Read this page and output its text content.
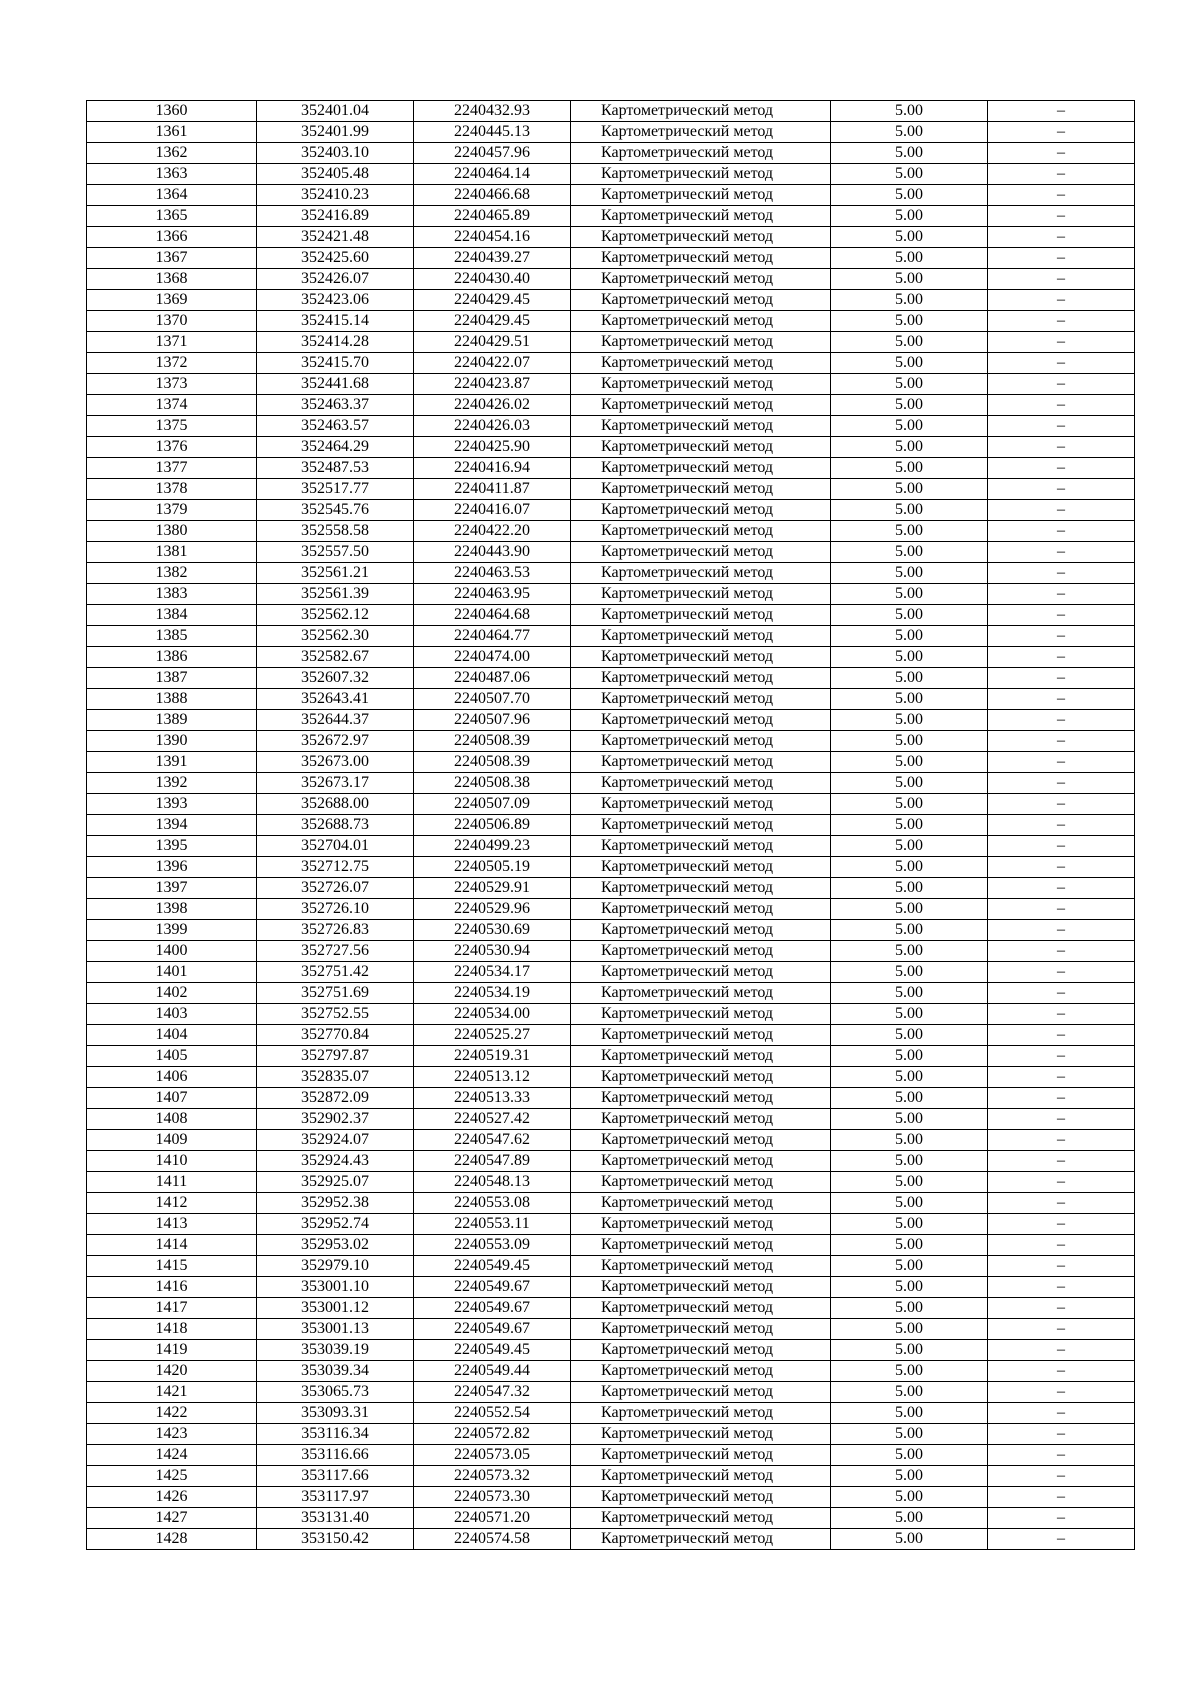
1360	352401.04	2240432.93	Картометрический метод	5.00	–
1361	352401.99	2240445.13	Картометрический метод	5.00	–
1362	352403.10	2240457.96	Картометрический метод	5.00	–
1363	352405.48	2240464.14	Картометрический метод	5.00	–
1364	352410.23	2240466.68	Картометрический метод	5.00	–
1365	352416.89	2240465.89	Картометрический метод	5.00	–
1366	352421.48	2240454.16	Картометрический метод	5.00	–
1367	352425.60	2240439.27	Картометрический метод	5.00	–
1368	352426.07	2240430.40	Картометрический метод	5.00	–
1369	352423.06	2240429.45	Картометрический метод	5.00	–
1370	352415.14	2240429.45	Картометрический метод	5.00	–
1371	352414.28	2240429.51	Картометрический метод	5.00	–
1372	352415.70	2240422.07	Картометрический метод	5.00	–
1373	352441.68	2240423.87	Картометрический метод	5.00	–
1374	352463.37	2240426.02	Картометрический метод	5.00	–
1375	352463.57	2240426.03	Картометрический метод	5.00	–
1376	352464.29	2240425.90	Картометрический метод	5.00	–
1377	352487.53	2240416.94	Картометрический метод	5.00	–
1378	352517.77	2240411.87	Картометрический метод	5.00	–
1379	352545.76	2240416.07	Картометрический метод	5.00	–
1380	352558.58	2240422.20	Картометрический метод	5.00	–
1381	352557.50	2240443.90	Картометрический метод	5.00	–
1382	352561.21	2240463.53	Картометрический метод	5.00	–
1383	352561.39	2240463.95	Картометрический метод	5.00	–
1384	352562.12	2240464.68	Картометрический метод	5.00	–
1385	352562.30	2240464.77	Картометрический метод	5.00	–
1386	352582.67	2240474.00	Картометрический метод	5.00	–
1387	352607.32	2240487.06	Картометрический метод	5.00	–
1388	352643.41	2240507.70	Картометрический метод	5.00	–
1389	352644.37	2240507.96	Картометрический метод	5.00	–
1390	352672.97	2240508.39	Картометрический метод	5.00	–
1391	352673.00	2240508.39	Картометрический метод	5.00	–
1392	352673.17	2240508.38	Картометрический метод	5.00	–
1393	352688.00	2240507.09	Картометрический метод	5.00	–
1394	352688.73	2240506.89	Картометрический метод	5.00	–
1395	352704.01	2240499.23	Картометрический метод	5.00	–
1396	352712.75	2240505.19	Картометрический метод	5.00	–
1397	352726.07	2240529.91	Картометрический метод	5.00	–
1398	352726.10	2240529.96	Картометрический метод	5.00	–
1399	352726.83	2240530.69	Картометрический метод	5.00	–
1400	352727.56	2240530.94	Картометрический метод	5.00	–
1401	352751.42	2240534.17	Картометрический метод	5.00	–
1402	352751.69	2240534.19	Картометрический метод	5.00	–
1403	352752.55	2240534.00	Картометрический метод	5.00	–
1404	352770.84	2240525.27	Картометрический метод	5.00	–
1405	352797.87	2240519.31	Картометрический метод	5.00	–
1406	352835.07	2240513.12	Картометрический метод	5.00	–
1407	352872.09	2240513.33	Картометрический метод	5.00	–
1408	352902.37	2240527.42	Картометрический метод	5.00	–
1409	352924.07	2240547.62	Картометрический метод	5.00	–
1410	352924.43	2240547.89	Картометрический метод	5.00	–
1411	352925.07	2240548.13	Картометрический метод	5.00	–
1412	352952.38	2240553.08	Картометрический метод	5.00	–
1413	352952.74	2240553.11	Картометрический метод	5.00	–
1414	352953.02	2240553.09	Картометрический метод	5.00	–
1415	352979.10	2240549.45	Картометрический метод	5.00	–
1416	353001.10	2240549.67	Картометрический метод	5.00	–
1417	353001.12	2240549.67	Картометрический метод	5.00	–
1418	353001.13	2240549.67	Картометрический метод	5.00	–
1419	353039.19	2240549.45	Картометрический метод	5.00	–
1420	353039.34	2240549.44	Картометрический метод	5.00	–
1421	353065.73	2240547.32	Картометрический метод	5.00	–
1422	353093.31	2240552.54	Картометрический метод	5.00	–
1423	353116.34	2240572.82	Картометрический метод	5.00	–
1424	353116.66	2240573.05	Картометрический метод	5.00	–
1425	353117.66	2240573.32	Картометрический метод	5.00	–
1426	353117.97	2240573.30	Картометрический метод	5.00	–
1427	353131.40	2240571.20	Картометрический метод	5.00	–
1428	353150.42	2240574.58	Картометрический метод	5.00	–
